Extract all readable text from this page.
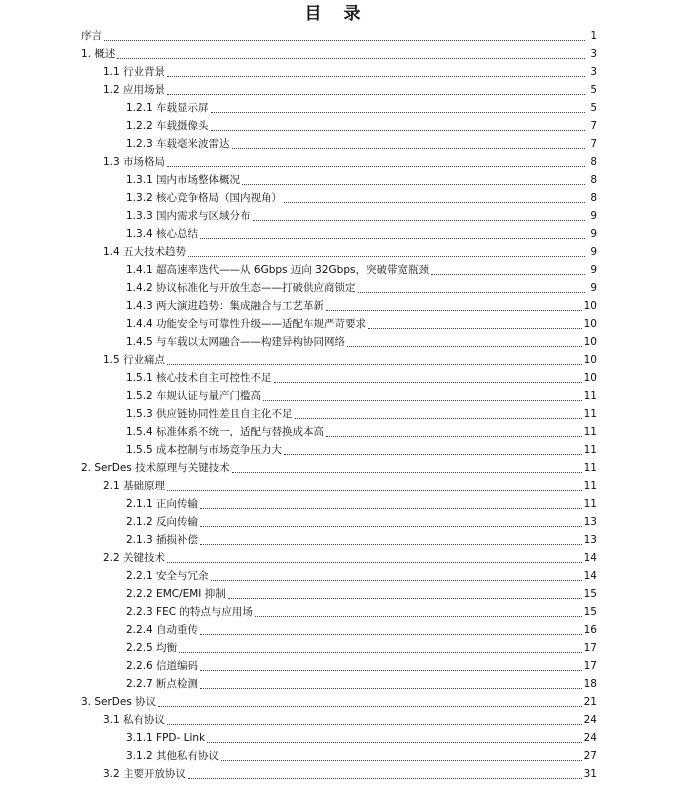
目 录
序言	1
1. 概述	3
1.1 行业背景	3
1.2 应用场景	5
1.2.1 车载显示屏	5
1.2.2 车载摄像头	7
1.2.3 车载毫米波雷达	7
1.3 市场格局	8
1.3.1 国内市场整体概况	8
1.3.2 核心竞争格局（国内视角）	8
1.3.3 国内需求与区域分布	9
1.3.4 核心总结	9
1.4 五大技术趋势	9
1.4.1 超高速率迭代——从 6Gbps 迈向 32Gbps，突破带宽瓶颈	9
1.4.2 协议标准化与开放生态——打破供应商锁定	9
1.4.3 两大演进趋势：集成融合与工艺革新	10
1.4.4 功能安全与可靠性升级——适配车规严苛要求	10
1.4.5 与车载以太网融合——构建异构协同网络	10
1.5 行业痛点	10
1.5.1 核心技术自主可控性不足	10
1.5.2 车规认证与量产门槛高	11
1.5.3 供应链协同性差且自主化不足	11
1.5.4 标准体系不统一，适配与替换成本高	11
1.5.5 成本控制与市场竞争压力大	11
2. SerDes 技术原理与关键技术	11
2.1 基础原理	11
2.1.1 正向传输	11
2.1.2 反向传输	13
2.1.3 插损补偿	13
2.2 关键技术	14
2.2.1 安全与冗余	14
2.2.2 EMC/EMI 抑制	15
2.2.3 FEC 的特点与应用场	15
2.2.4 自动重传	16
2.2.5 均衡	17
2.2.6 信道编码	17
2.2.7 断点检测	18
3. SerDes 协议	21
3.1 私有协议	24
3.1.1 FPD- Link	24
3.1.2 其他私有协议	27
3.2 主要开放协议	31
